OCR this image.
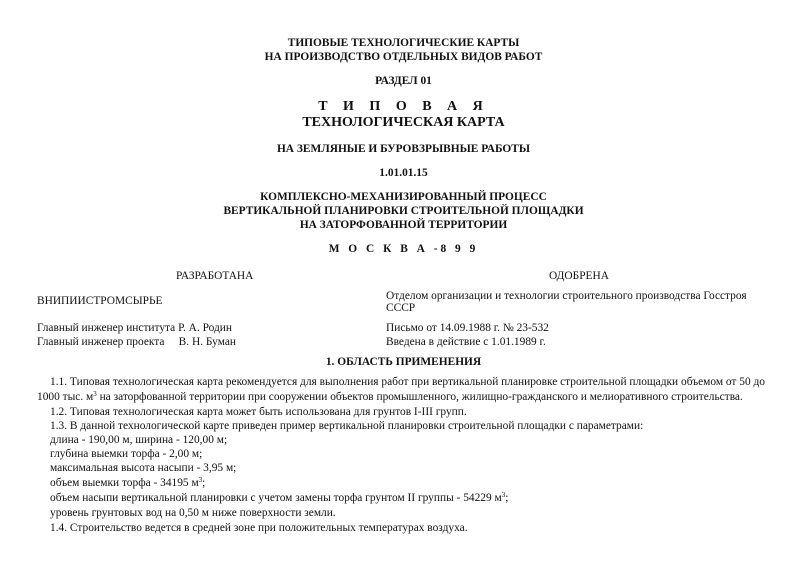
ТИПОВЫЕ ТЕХНОЛОГИЧЕСКИЕ КАРТЫ
НА ПРОИЗВОДСТВО ОТДЕЛЬНЫХ ВИДОВ РАБОТ
РАЗДЕЛ 01
Т И П О В А Я
ТЕХНОЛОГИЧЕСКАЯ КАРТА
НА ЗЕМЛЯНЫЕ И БУРОВЗРЫВНЫЕ РАБОТЫ
1.01.01.15
КОМПЛЕКСНО-МЕХАНИЗИРОВАННЫЙ ПРОЦЕСС
ВЕРТИКАЛЬНОЙ ПЛАНИРОВКИ СТРОИТЕЛЬНОЙ ПЛОЩАДКИ
НА ЗАТОРФОВАННОЙ ТЕРРИТОРИИ
М О С К В А -8 9 9
РАЗРАБОТАНА	ОДОБРЕНА
ВНИПИИСТРОМСЫРЬЕ	Отделом организации и технологии строительного производства Госстроя
СССР
Главный инженер института Р. А. Родин
Главный инженер проекта     В. Н. Буман
Письмо от 14.09.1988 г. № 23-532
Введена в действие с 1.01.1989 г.
1. ОБЛАСТЬ ПРИМЕНЕНИЯ
1.1. Типовая технологическая карта рекомендуется для выполнения работ при вертикальной планировке строительной площадки объемом от 50 до
1000 тыс. $м^3$ на заторфованной территории при сооружении объектов промышленного, жилищно-гражданского и мелиоративного строительства.
1.2. Типовая технологическая карта может быть использована для грунтов I-III групп.
1.3. В данной технологической карте приведен пример вертикальной планировки строительной площадки с параметрами:
длина - 190,00 м, ширина - 120,00 м;
глубина выемки торфа - 2,00 м;
максимальная высота насыпи - 3,95 м;
объем выемки торфа - 34195 $м^3$;
объем насыпи вертикальной планировки с учетом замены торфа грунтом II группы - 54229 $м^3$;
уровень грунтовых вод на 0,50 м ниже поверхности земли.
1.4. Строительство ведется в средней зоне при положительных температурах воздуха.
